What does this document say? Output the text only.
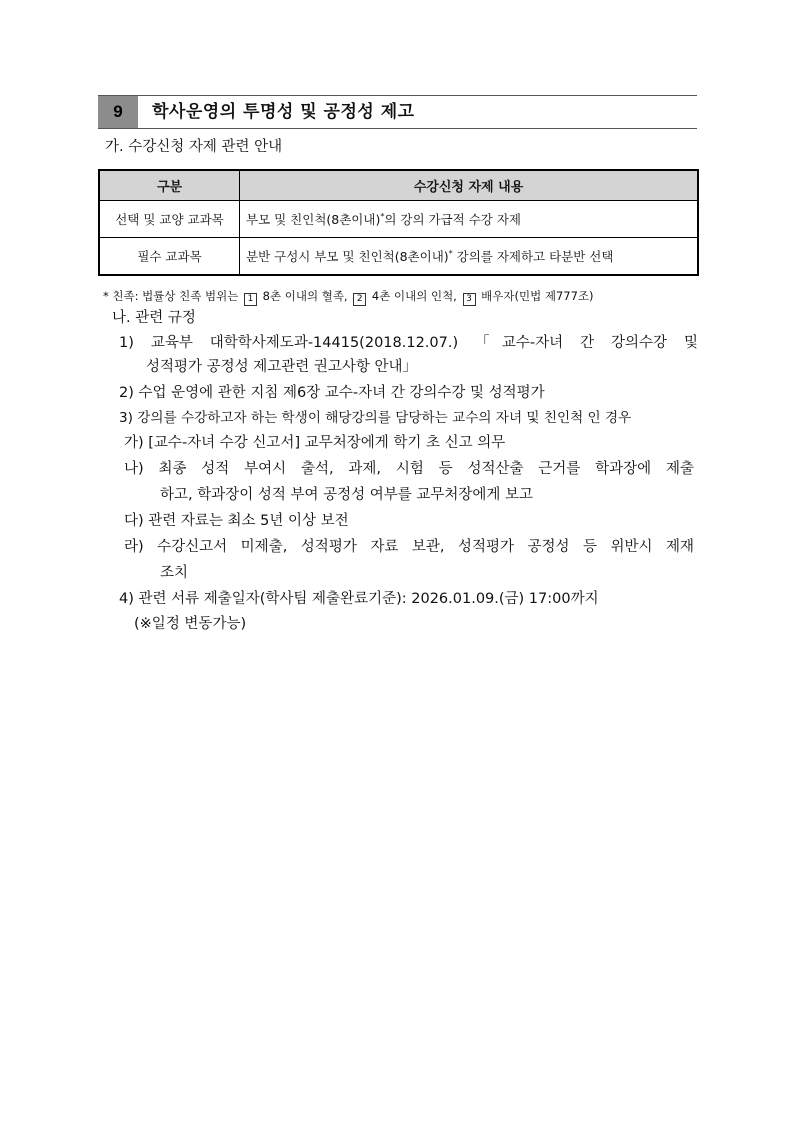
9	학사운영의 투명성 및 공정성 제고
가. 수강신청 자제 관련 안내
구분	수강신청 자제 내용
선택 및 교양 교과목	부모 및 친인척(8촌이내)*의 강의 가급적 수강 자제
필수 교과목	분반 구성시 부모 및 친인척(8촌이내)* 강의를 자제하고 타분반 선택
* 친족: 법률상 친족 범위는 1 8촌 이내의 혈족, 2 4촌 이내의 인척, 3 배우자(민법 제777조)
나. 관련 규정
1) 교육부 대학학사제도과-14415(2018.12.07.) 「교수-자녀 간 강의수강 및
성적평가 공정성 제고관련 권고사항 안내」
2) 수업 운영에 관한 지침 제6장 교수-자녀 간 강의수강 및 성적평가
3) 강의를 수강하고자 하는 학생이 해당강의를 담당하는 교수의 자녀 및 친인척 인 경우
가) [교수-자녀 수강 신고서] 교무처장에게 학기 초 신고 의무
나) 최종 성적 부여시 출석, 과제, 시험 등 성적산출 근거를 학과장에 제출
하고, 학과장이 성적 부여 공정성 여부를 교무처장에게 보고
다) 관련 자료는 최소 5년 이상 보전
라) 수강신고서 미제출, 성적평가 자료 보관, 성적평가 공정성 등 위반시 제재
조치
4) 관련 서류 제출일자(학사팀 제출완료기준): 2026.01.09.(금) 17:00까지
(※일정 변동가능)
